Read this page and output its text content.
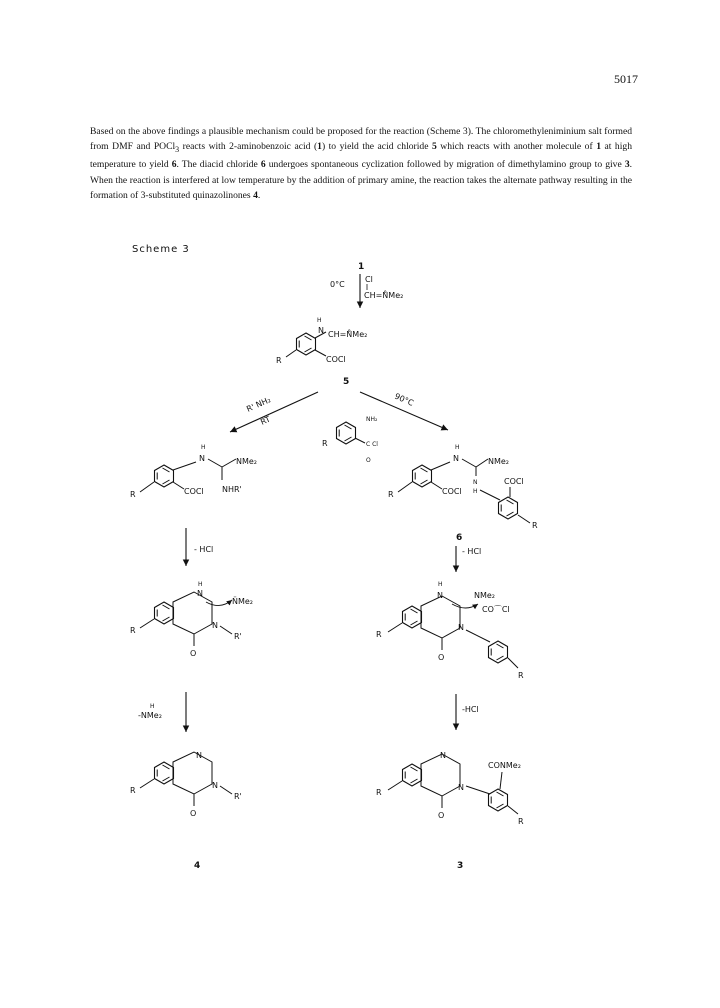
5017

Based on the above findings a plausible mechanism could be proposed for the reaction (Scheme 3). The chloromethyleniminium salt formed from DMF and POCl$_3$ reacts with 2-aminobenzoic acid (1) to yield the acid chloride 5 which reacts with another molecule of 1 at high temperature to yield 6. The diacid chloride 6 undergoes spontaneous cyclization followed by migration of dimethylamino group to give 3. When the reaction is interfered at low temperature by the addition of primary amine, the reaction takes the alternate pathway resulting in the formation of 3-substituted quinazolinones 4.

Scheme 3
1
0°C
Cl
CH=N̊Me₂
R
H
N CH=N̊Me₂
COCl
5
R' NH₂
RT
90°C
R
NH₂
C Cl
O
R
H
N	NMe₂
NHR'
COCl	R
H
N	NMe₂
N
H
COCl
COCl
R
6
- HCl	- HCl
R
H
N
N̈Me₂
N
R'
O
R
H
N	NMe₂
CO⌒Cl
N
O
R
H
-NMe₂
-HCl
R
N
N
R'
O
4
R
N
N
O
CONMe₂
R
3
